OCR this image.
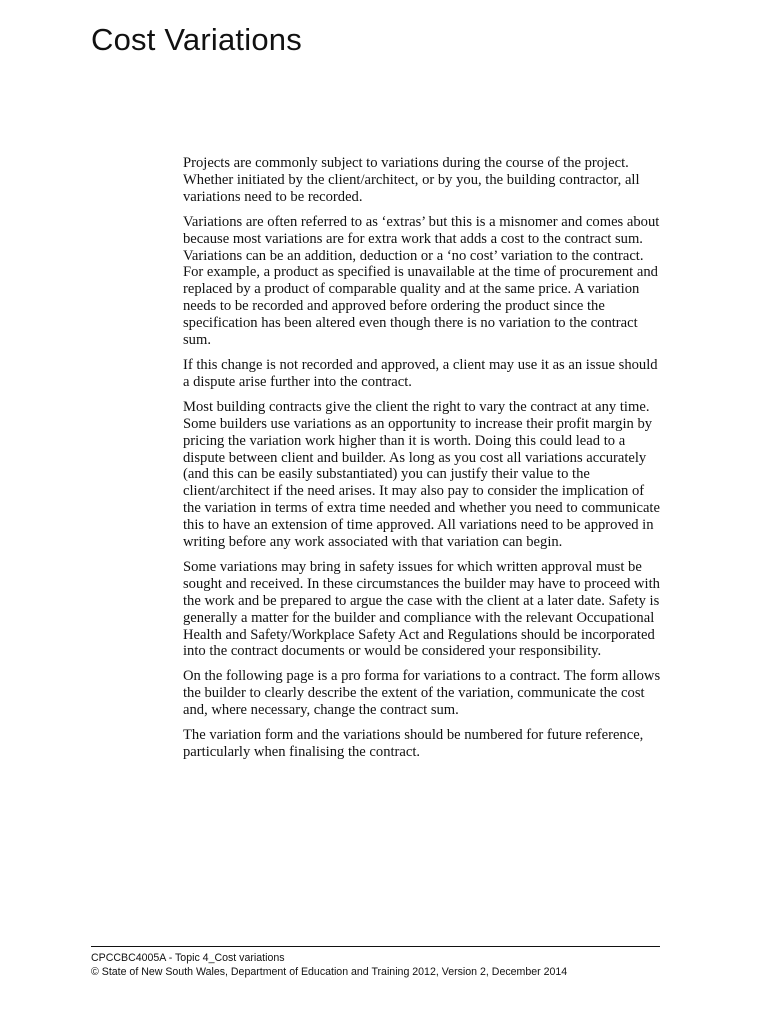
Cost Variations

Projects are commonly subject to variations during the course of the project. Whether initiated by the client/architect, or by you, the building contractor, all variations need to be recorded.

Variations are often referred to as ‘extras’ but this is a misnomer and comes about because most variations are for extra work that adds a cost to the contract sum. Variations can be an addition, deduction or a ‘no cost’ variation to the contract. For example, a product as specified is unavailable at the time of procurement and replaced by a product of comparable quality and at the same price. A variation needs to be recorded and approved before ordering the product since the specification has been altered even though there is no variation to the contract sum.

If this change is not recorded and approved, a client may use it as an issue should a dispute arise further into the contract.

Most building contracts give the client the right to vary the contract at any time. Some builders use variations as an opportunity to increase their profit margin by pricing the variation work higher than it is worth. Doing this could lead to a dispute between client and builder. As long as you cost all variations accurately (and this can be easily substantiated) you can justify their value to the client/architect if the need arises. It may also pay to consider the implication of the variation in terms of extra time needed and whether you need to communicate this to have an extension of time approved. All variations need to be approved in writing before any work associated with that variation can begin.

Some variations may bring in safety issues for which written approval must be sought and received. In these circumstances the builder may have to proceed with the work and be prepared to argue the case with the client at a later date. Safety is generally a matter for the builder and compliance with the relevant Occupational Health and Safety/Workplace Safety Act and Regulations should be incorporated into the contract documents or would be considered your responsibility.

On the following page is a pro forma for variations to a contract. The form allows the builder to clearly describe the extent of the variation, communicate the cost and, where necessary, change the contract sum.

The variation form and the variations should be numbered for future reference, particularly when finalising the contract.

CPCCBC4005A - Topic 4_Cost variations
© State of New South Wales, Department of Education and Training 2012, Version 2, December 2014
